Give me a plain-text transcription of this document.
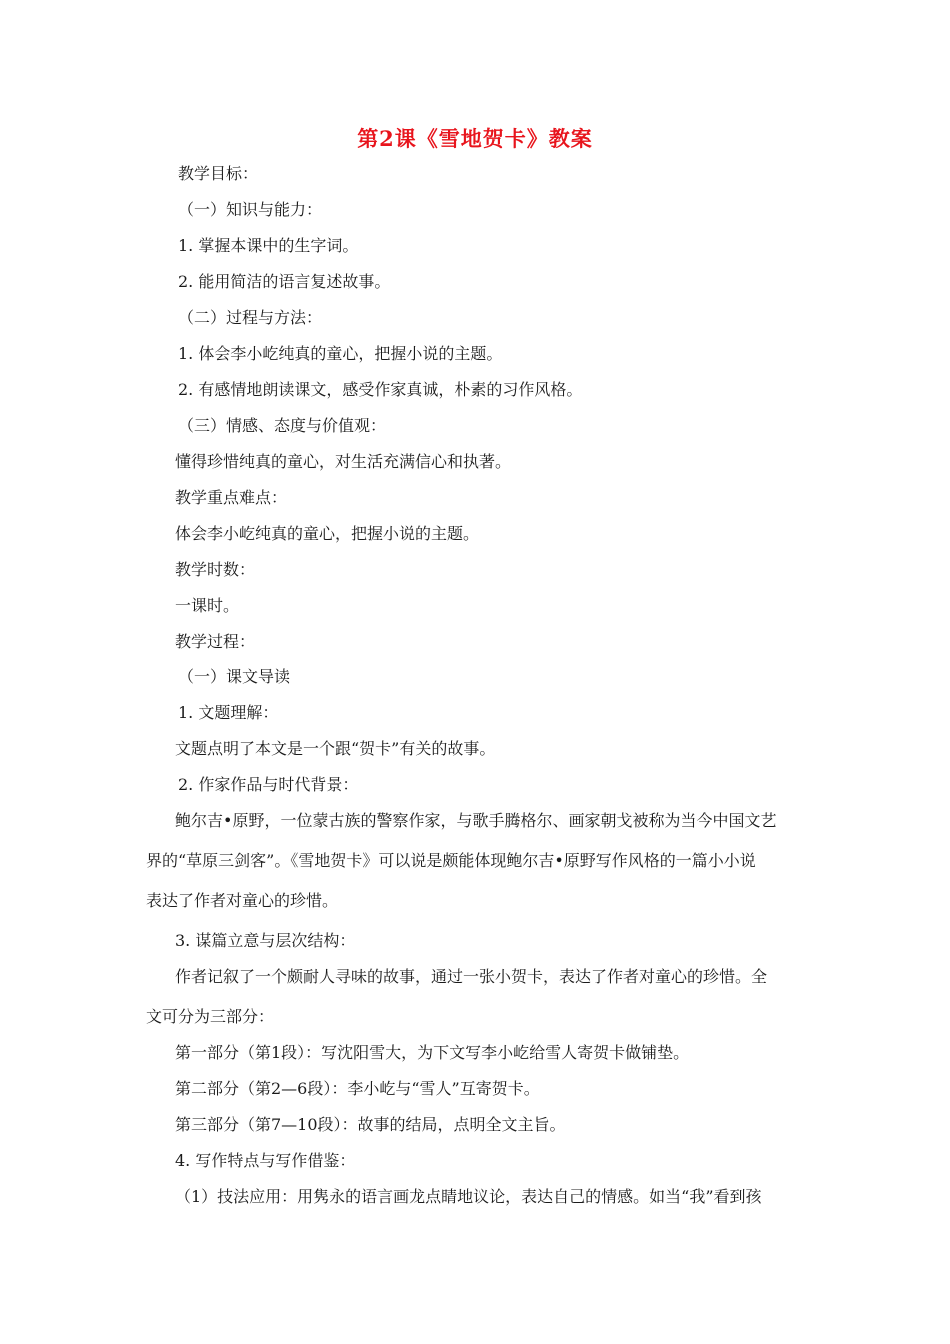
第2课《雪地贺卡》教案
教学目标：
（一）知识与能力：
1. 掌握本课中的生字词。
2. 能用简洁的语言复述故事。
（二）过程与方法：
1. 体会李小屹纯真的童心，把握小说的主题。
2. 有感情地朗读课文，感受作家真诚，朴素的习作风格。
（三）情感、态度与价值观：
懂得珍惜纯真的童心，对生活充满信心和执著。
教学重点难点：
体会李小屹纯真的童心，把握小说的主题。
教学时数：
一课时。
教学过程：
（一）课文导读
1. 文题理解：
文题点明了本文是一个跟“贺卡”有关的故事。
2. 作家作品与时代背景：
鲍尔吉•原野，一位蒙古族的警察作家，与歌手腾格尔、画家朝戈被称为当今中国文艺
界的“草原三剑客”。《雪地贺卡》可以说是颇能体现鲍尔吉•原野写作风格的一篇小小说
表达了作者对童心的珍惜。
3. 谋篇立意与层次结构：
作者记叙了一个颇耐人寻味的故事，通过一张小贺卡，表达了作者对童心的珍惜。全
文可分为三部分：
第一部分（第1段）：写沈阳雪大，为下文写李小屹给雪人寄贺卡做铺垫。
第二部分（第2—6段）：李小屹与“雪人”互寄贺卡。
第三部分（第7—10段）：故事的结局，点明全文主旨。
4. 写作特点与写作借鉴：
（1）技法应用：用隽永的语言画龙点睛地议论，表达自己的情感。如当“我”看到孩
